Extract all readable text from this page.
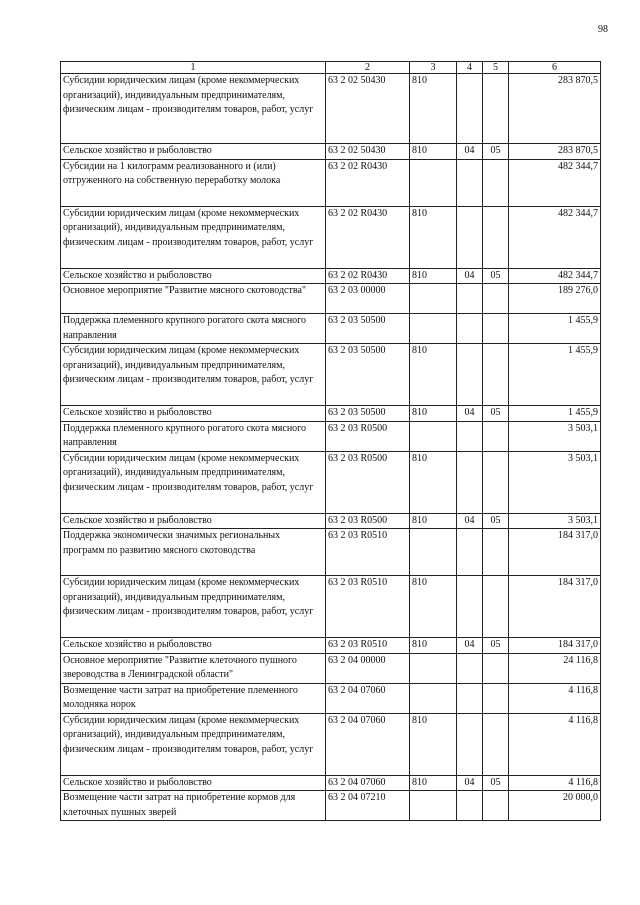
98
1	2	3	4	5	6
Субсидии юридическим лицам (кроме некоммерческих организаций), индивидуальным предпринимателям, физическим лицам - производителям товаров, работ, услуг	63 2 02 50430	810			283 870,5
Сельское хозяйство и рыболовство	63 2 02 50430	810	04	05	283 870,5
Субсидии на 1 килограмм реализованного и (или) отгруженного на собственную переработку молока	63 2 02 R0430				482 344,7
Субсидии юридическим лицам (кроме некоммерческих организаций), индивидуальным предпринимателям, физическим лицам - производителям товаров, работ, услуг	63 2 02 R0430	810			482 344,7
Сельское хозяйство и рыболовство	63 2 02 R0430	810	04	05	482 344,7
Основное мероприятие "Развитие мясного скотоводства"	63 2 03 00000				189 276,0
Поддержка племенного крупного рогатого скота мясного направления	63 2 03 50500				1 455,9
Субсидии юридическим лицам (кроме некоммерческих организаций), индивидуальным предпринимателям, физическим лицам - производителям товаров, работ, услуг	63 2 03 50500	810			1 455,9
Сельское хозяйство и рыболовство	63 2 03 50500	810	04	05	1 455,9
Поддержка племенного крупного рогатого скота мясного направления	63 2 03 R0500				3 503,1
Субсидии юридическим лицам (кроме некоммерческих организаций), индивидуальным предпринимателям, физическим лицам - производителям товаров, работ, услуг	63 2 03 R0500	810			3 503,1
Сельское хозяйство и рыболовство	63 2 03 R0500	810	04	05	3 503,1
Поддержка экономически значимых региональных программ по развитию мясного скотоводства	63 2 03 R0510				184 317,0
Субсидии юридическим лицам (кроме некоммерческих организаций), индивидуальным предпринимателям, физическим лицам - производителям товаров, работ, услуг	63 2 03 R0510	810			184 317,0
Сельское хозяйство и рыболовство	63 2 03 R0510	810	04	05	184 317,0
Основное мероприятие "Развитие клеточного пушного звероводства в Ленинградской области"	63 2 04 00000				24 116,8
Возмещение части затрат на приобретение племенного молодняка норок	63 2 04 07060				4 116,8
Субсидии юридическим лицам (кроме некоммерческих организаций), индивидуальным предпринимателям, физическим лицам - производителям товаров, работ, услуг	63 2 04 07060	810			4 116,8
Сельское хозяйство и рыболовство	63 2 04 07060	810	04	05	4 116,8
Возмещение части затрат на приобретение кормов для клеточных пушных зверей	63 2 04 07210				20 000,0
